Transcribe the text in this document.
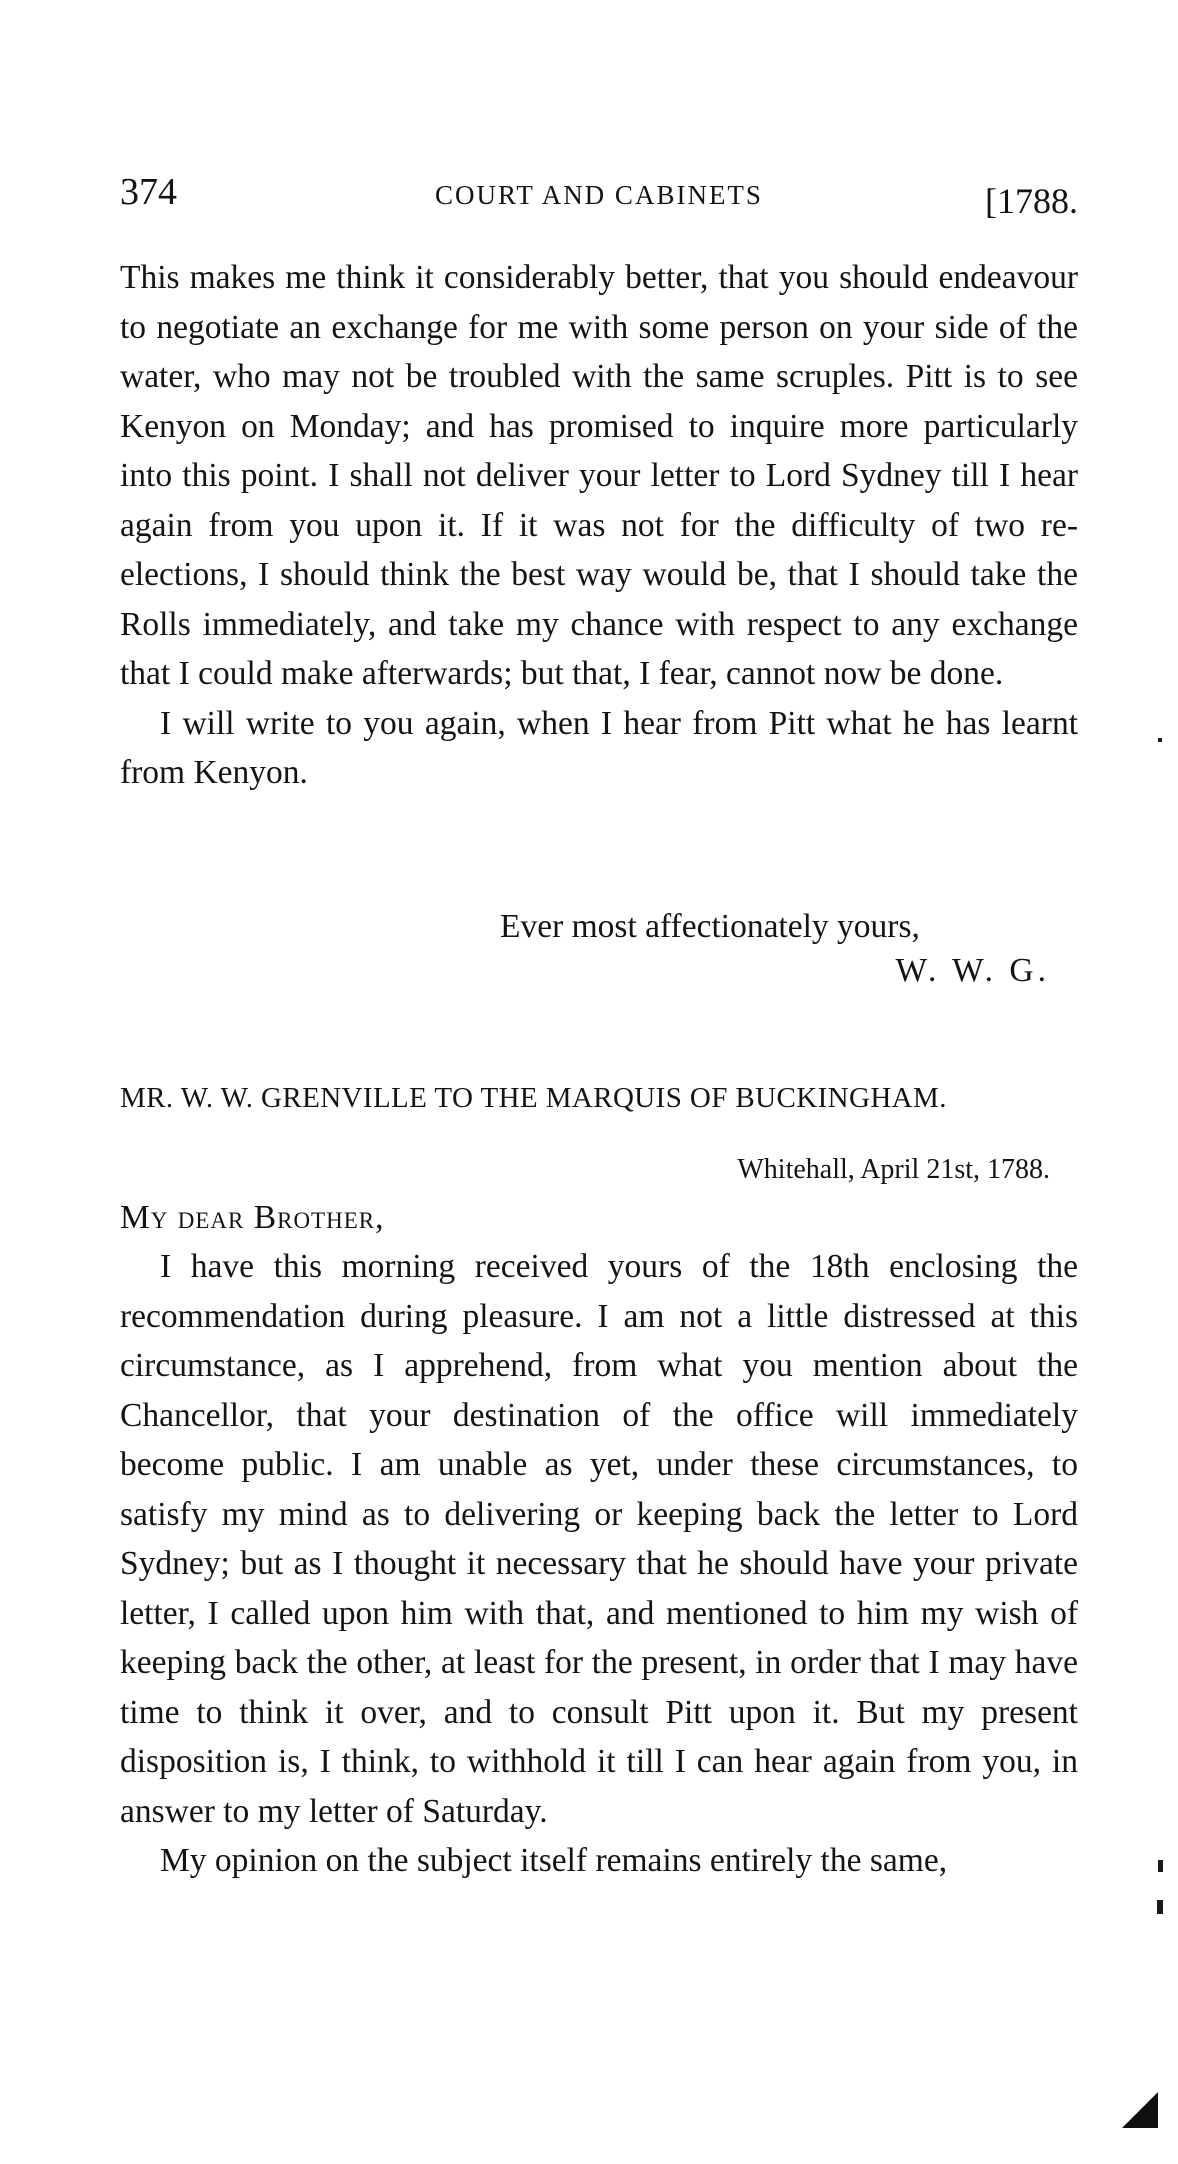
374	COURT AND CABINETS	[1788.

This makes me think it considerably better, that you should endeavour to negotiate an exchange for me with some person on your side of the water, who may not be troubled with the same scruples. Pitt is to see Kenyon on Monday; and has promised to inquire more particularly into this point. I shall not deliver your letter to Lord Sydney till I hear again from you upon it. If it was not for the difficulty of two re-elections, I should think the best way would be, that I should take the Rolls immediately, and take my chance with respect to any exchange that I could make afterwards; but that, I fear, cannot now be done.

I will write to you again, when I hear from Pitt what he has learnt from Kenyon.

Ever most affectionately yours,
W. W. G.
MR. W. W. GRENVILLE TO THE MARQUIS OF BUCKINGHAM.
Whitehall, April 21st, 1788.
My dear Brother,

I have this morning received yours of the 18th enclosing the recommendation during pleasure. I am not a little distressed at this circumstance, as I apprehend, from what you mention about the Chancellor, that your destination of the office will immediately become public. I am unable as yet, under these circumstances, to satisfy my mind as to delivering or keeping back the letter to Lord Sydney; but as I thought it necessary that he should have your private letter, I called upon him with that, and mentioned to him my wish of keeping back the other, at least for the present, in order that I may have time to think it over, and to consult Pitt upon it. But my present disposition is, I think, to withhold it till I can hear again from you, in answer to my letter of Saturday.

My opinion on the subject itself remains entirely the same,
